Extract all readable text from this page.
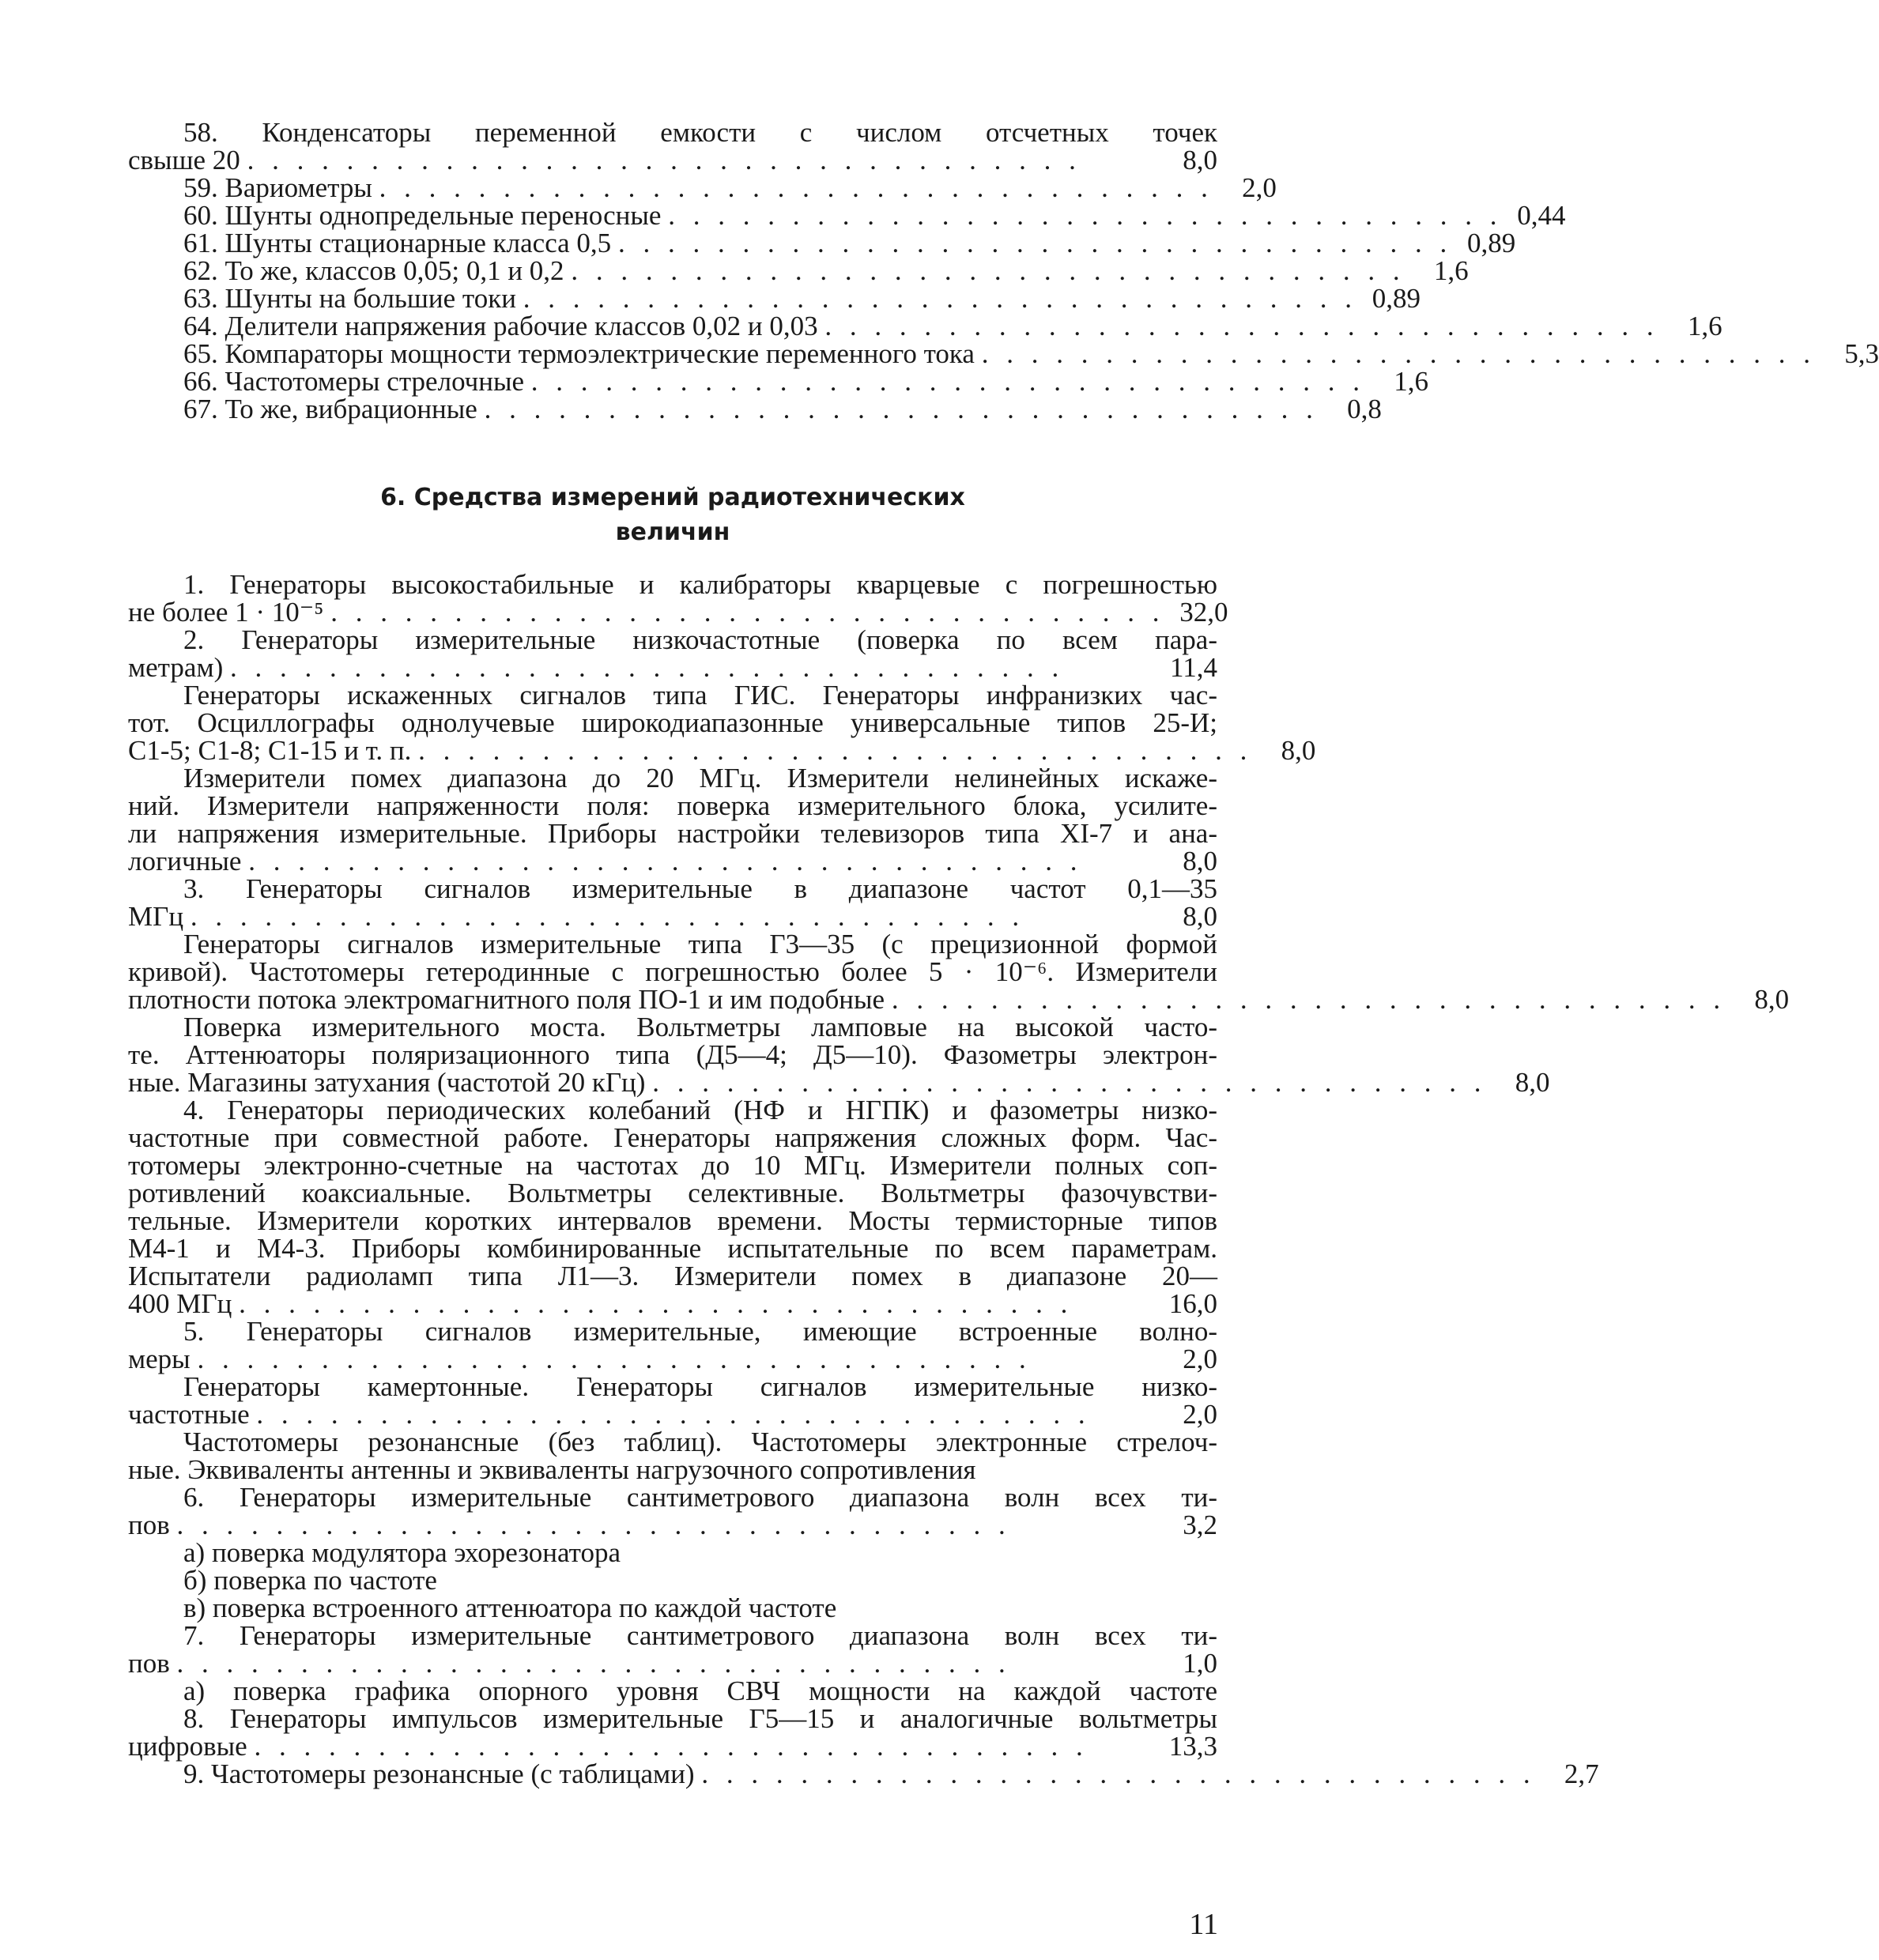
58. Конденсаторы переменной емкости с числом отсчетных точек
свыше 20 . . . . . . . . . . . . . . . . . . . . . . . . . . . . . . . . . .	8,0
59. Вариометры . . . . . . . . . . . . . . . . . . . . . . . . . . . . . . . . . .	2,0
60. Шунты однопредельные переносные . . . . . . . . . . . . . . . . . . . . . . . . . . . . . . . . . . 0,44
61. Шунты стационарные класса 0,5 . . . . . . . . . . . . . . . . . . . . . . . . . . . . . . . . . . 0,89
62. То же, классов 0,05; 0,1 и 0,2 . . . . . . . . . . . . . . . . . . . . . . . . . . . . . . . . . .	1,6
63. Шунты на большие токи . . . . . . . . . . . . . . . . . . . . . . . . . . . . . . . . . . 0,89
64. Делители напряжения рабочие классов 0,02 и 0,03 . . . . . . . . . . . . . . . . . . . . . . . . . . . . . . . . . .	1,6
65. Компараторы мощности термоэлектрические переменного тока . . . . . . . . . . . . . . . . . . . . . . . . . . . . . . . . . .	5,3
66. Частотомеры стрелочные . . . . . . . . . . . . . . . . . . . . . . . . . . . . . . . . . .	1,6
67. То же, вибрационные . . . . . . . . . . . . . . . . . . . . . . . . . . . . . . . . . .	0,8
6. Средства измерений радиотехнических
величин
1. Генераторы высокостабильные и калибраторы кварцевые с погрешностью
не более 1 · 10⁻⁵ . . . . . . . . . . . . . . . . . . . . . . . . . . . . . . . . . . 32,0
2. Генераторы измерительные низкочастотные (поверка по всем пара-
метрам) . . . . . . . . . . . . . . . . . . . . . . . . . . . . . . . . . .	11,4
Генераторы искаженных сигналов типа ГИС. Генераторы инфранизких час-
тот. Осциллографы однолучевые широкодиапазонные универсальные типов 25-И;
С1-5; С1-8; С1-15 и т. п. . . . . . . . . . . . . . . . . . . . . . . . . . . . . . . . . . .	8,0
Измерители помех диапазона до 20 МГц. Измерители нелинейных искаже-
ний. Измерители напряженности поля: поверка измерительного блока, усилите-
ли напряжения измерительные. Приборы настройки телевизоров типа XI-7 и ана-
логичные . . . . . . . . . . . . . . . . . . . . . . . . . . . . . . . . . .	8,0
3. Генераторы сигналов измерительные в диапазоне частот 0,1—35
МГц . . . . . . . . . . . . . . . . . . . . . . . . . . . . . . . . . .	8,0
Генераторы сигналов измерительные типа Г3—35 (с прецизионной формой
кривой). Частотомеры гетеродинные с погрешностью более 5 · 10⁻⁶. Измерители
плотности потока электромагнитного поля ПО-1 и им подобные . . . . . . . . . . . . . . . . . . . . . . . . . . . . . . . . . .	8,0
Поверка измерительного моста. Вольтметры ламповые на высокой часто-
те. Аттенюаторы поляризационного типа (Д5—4; Д5—10). Фазометры электрон-
ные. Магазины затухания (частотой 20 кГц) . . . . . . . . . . . . . . . . . . . . . . . . . . . . . . . . . .	8,0
4. Генераторы периодических колебаний (НФ и НГПК) и фазометры низко-
частотные при совместной работе. Генераторы напряжения сложных форм. Час-
тотомеры электронно-счетные на частотах до 10 МГц. Измерители полных соп-
ротивлений коаксиальные. Вольтметры селективные. Вольтметры фазочувстви-
тельные. Измерители коротких интервалов времени. Мосты термисторные типов
М4-1 и М4-3. Приборы комбинированные испытательные по всем параметрам.
Испытатели радиоламп типа Л1—3. Измерители помех в диапазоне 20—
400 МГц . . . . . . . . . . . . . . . . . . . . . . . . . . . . . . . . . .	16,0
5. Генераторы сигналов измерительные, имеющие встроенные волно-
меры . . . . . . . . . . . . . . . . . . . . . . . . . . . . . . . . . .	2,0
Генераторы камертонные. Генераторы сигналов измерительные низко-
частотные . . . . . . . . . . . . . . . . . . . . . . . . . . . . . . . . . .	2,0
Частотомеры резонансные (без таблиц). Частотомеры электронные стрелоч-
ные. Эквиваленты антенны и эквиваленты нагрузочного сопротивления
6. Генераторы измерительные сантиметрового диапазона волн всех ти-
пов . . . . . . . . . . . . . . . . . . . . . . . . . . . . . . . . . .	3,2
а) поверка модулятора эхорезонатора
б) поверка по частоте
в) поверка встроенного аттенюатора по каждой частоте
7. Генераторы измерительные сантиметрового диапазона волн всех ти-
пов . . . . . . . . . . . . . . . . . . . . . . . . . . . . . . . . . .	1,0
а) поверка графика опорного уровня СВЧ мощности на каждой частоте
8. Генераторы импульсов измерительные Г5—15 и аналогичные вольтметры
цифровые . . . . . . . . . . . . . . . . . . . . . . . . . . . . . . . . . .	13,3
9. Частотомеры резонансные (с таблицами) . . . . . . . . . . . . . . . . . . . . . . . . . . . . . . . . . .	2,7
11
